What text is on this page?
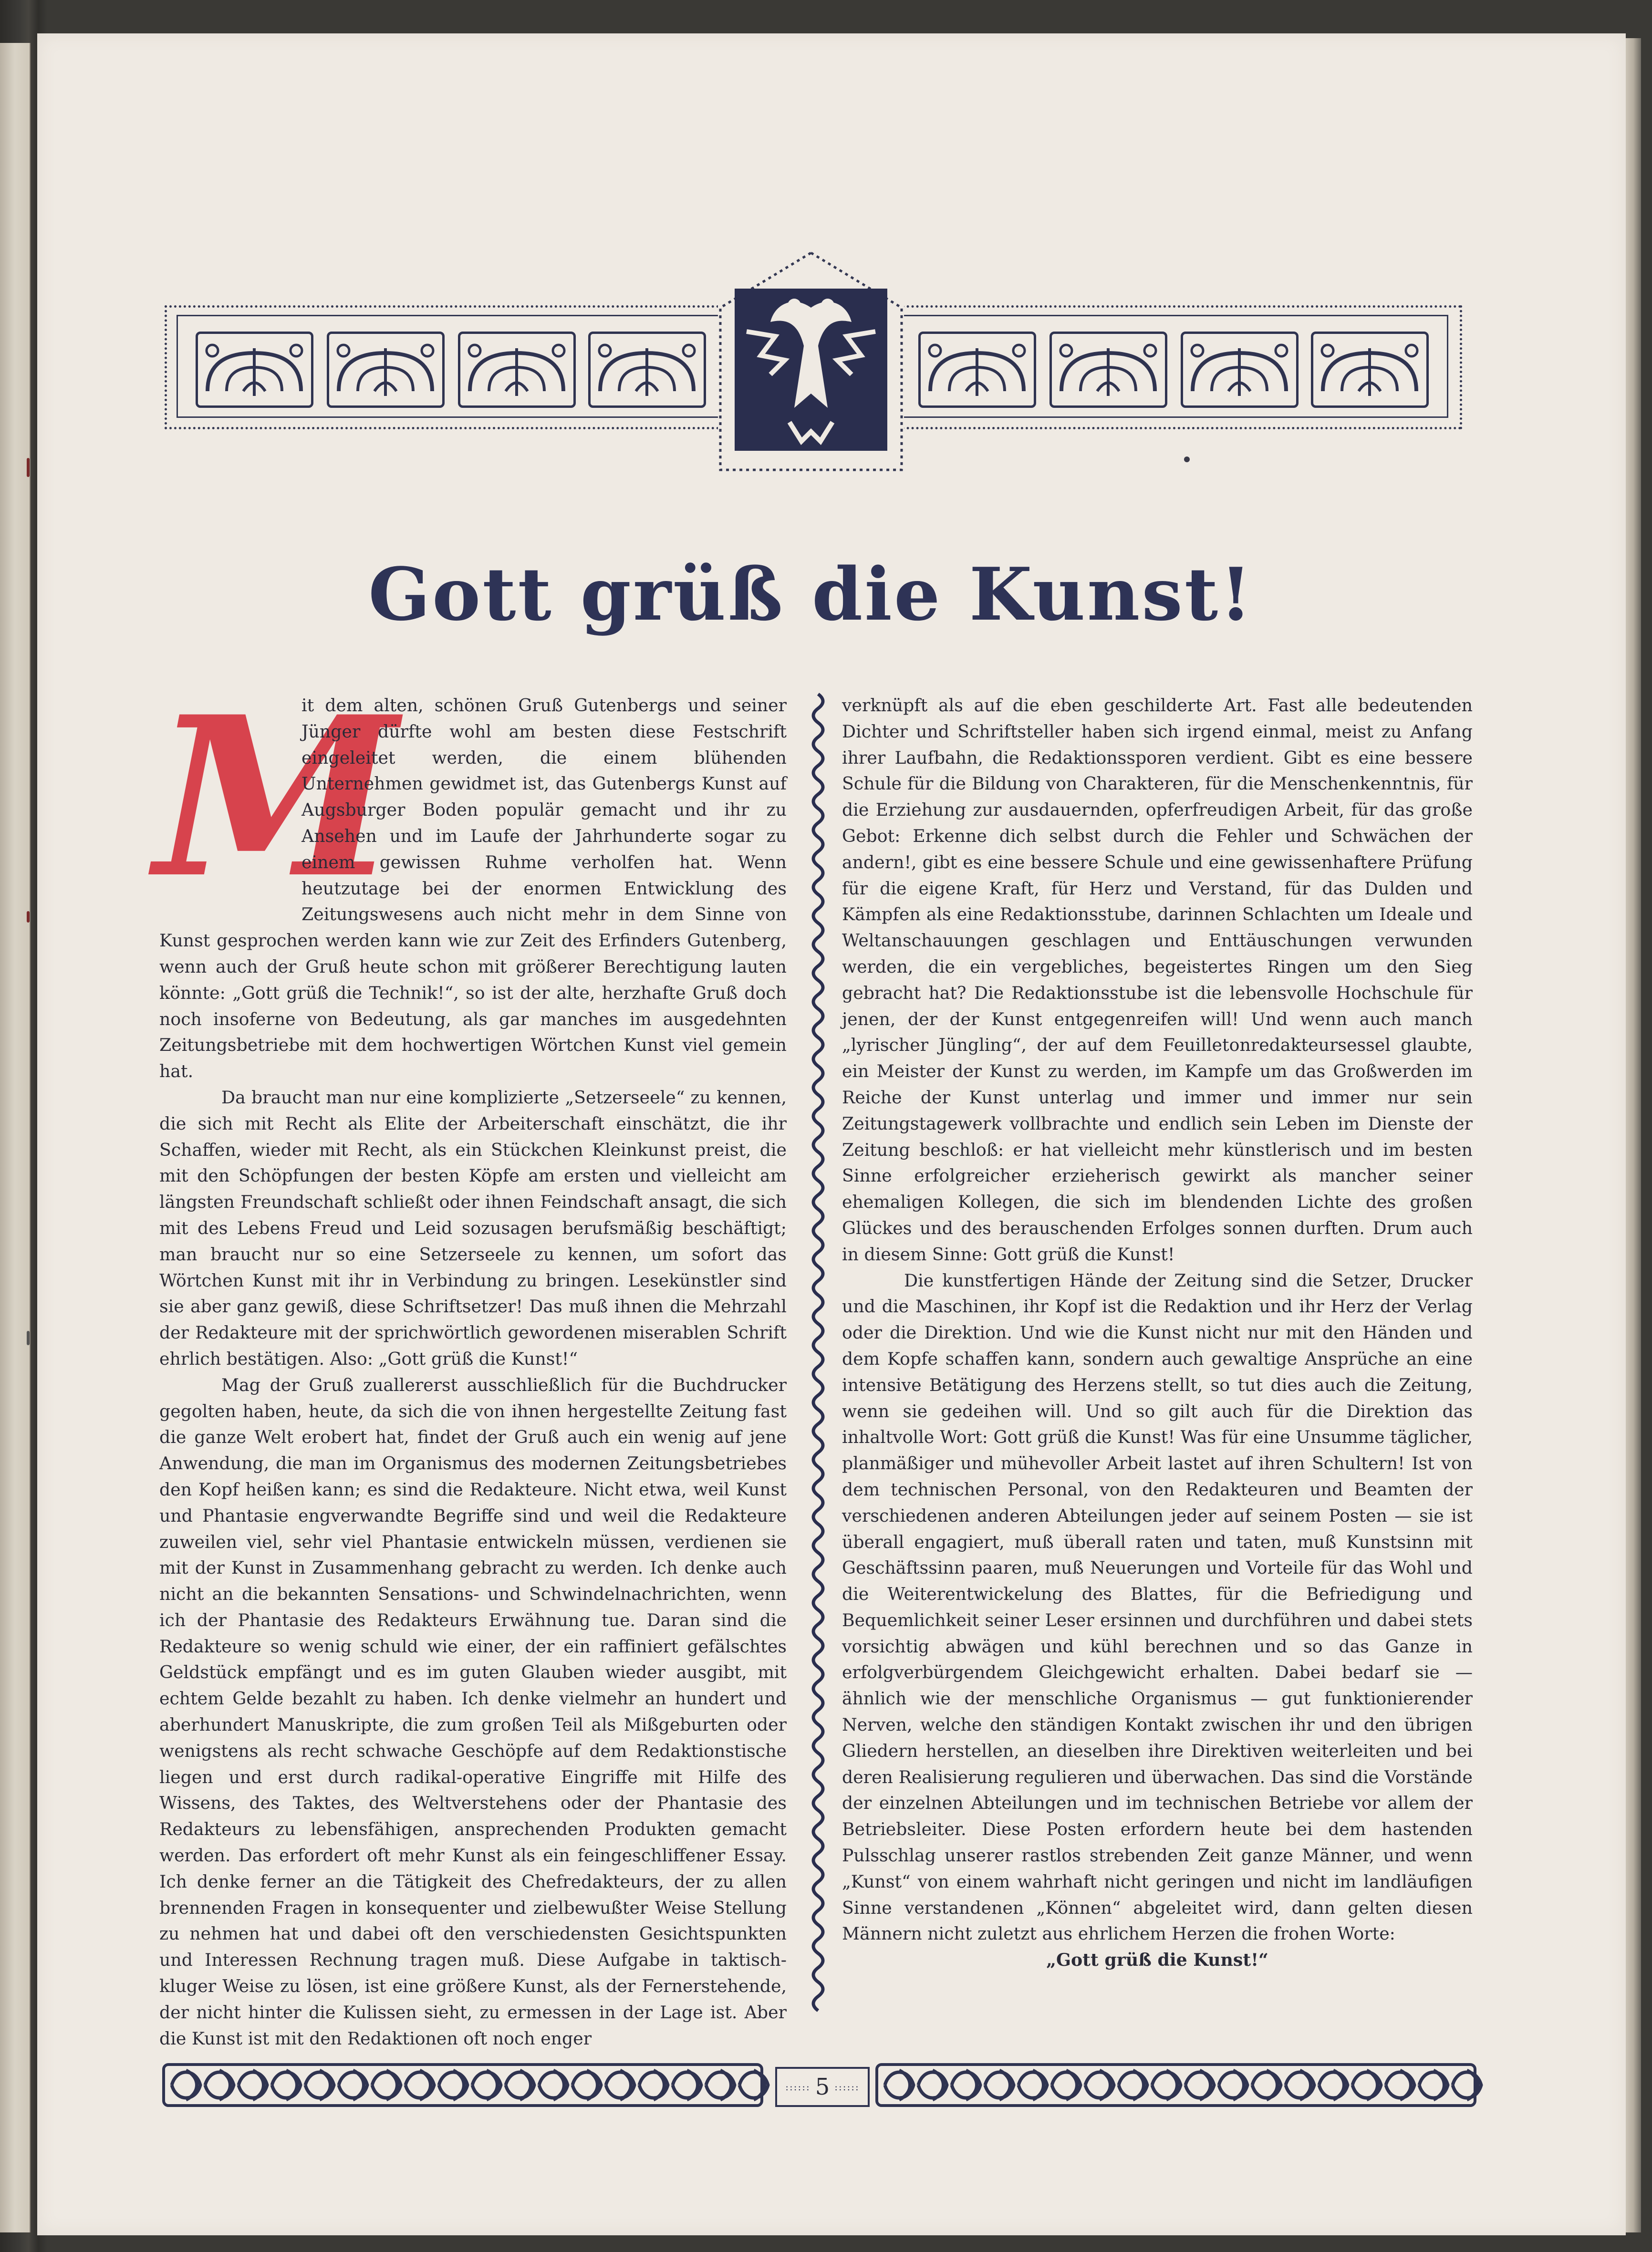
Gott grüß die Kunst!
M

it dem alten, schönen Gruß Gutenbergs und seiner Jünger dürfte wohl am besten diese Festschrift eingeleitet werden, die einem blühenden Unternehmen gewidmet ist, das Gutenbergs Kunst auf Augsburger Boden populär gemacht und ihr zu Ansehen und im Laufe der Jahrhunderte sogar zu einem gewissen Ruhme verholfen hat. Wenn heutzutage bei der enormen Entwicklung des Zeitungswesens auch nicht mehr in dem Sinne von Kunst gesprochen werden kann wie zur Zeit des Erfinders Gutenberg, wenn auch der Gruß heute schon mit größerer Berechtigung lauten könnte: „Gott grüß die Technik!“, so ist der alte, herzhafte Gruß doch noch insoferne von Bedeutung, als gar manches im ausgedehnten Zeitungsbetriebe mit dem hochwertigen Wörtchen Kunst viel gemein hat.

Da braucht man nur eine komplizierte „Setzerseele“ zu kennen, die sich mit Recht als Elite der Arbeiterschaft einschätzt, die ihr Schaffen, wieder mit Recht, als ein Stückchen Kleinkunst preist, die mit den Schöpfungen der besten Köpfe am ersten und vielleicht am längsten Freundschaft schließt oder ihnen Feindschaft ansagt, die sich mit des Lebens Freud und Leid sozusagen berufsmäßig beschäftigt; man braucht nur so eine Setzerseele zu kennen, um sofort das Wörtchen Kunst mit ihr in Verbindung zu bringen. Lesekünstler sind sie aber ganz gewiß, diese Schriftsetzer! Das muß ihnen die Mehrzahl der Redakteure mit der sprichwörtlich gewordenen miserablen Schrift ehrlich bestätigen. Also: „Gott grüß die Kunst!“

Mag der Gruß zuallererst ausschließlich für die Buchdrucker gegolten haben, heute, da sich die von ihnen hergestellte Zeitung fast die ganze Welt erobert hat, findet der Gruß auch ein wenig auf jene Anwendung, die man im Organismus des modernen Zeitungsbetriebes den Kopf heißen kann; es sind die Redakteure. Nicht etwa, weil Kunst und Phantasie engverwandte Begriffe sind und weil die Redakteure zuweilen viel, sehr viel Phantasie entwickeln müssen, verdienen sie mit der Kunst in Zusammenhang gebracht zu werden. Ich denke auch nicht an die bekannten Sensations- und Schwindelnachrichten, wenn ich der Phantasie des Redakteurs Erwähnung tue. Daran sind die Redakteure so wenig schuld wie einer, der ein raffiniert gefälschtes Geldstück empfängt und es im guten Glauben wieder ausgibt, mit echtem Gelde bezahlt zu haben. Ich denke vielmehr an hundert und aberhundert Manuskripte, die zum großen Teil als Mißgeburten oder wenigstens als recht schwache Geschöpfe auf dem Redaktionstische liegen und erst durch radikal-operative Eingriffe mit Hilfe des Wissens, des Taktes, des Weltverstehens oder der Phantasie des Redakteurs zu lebensfähigen, ansprechenden Produkten gemacht werden. Das erfordert oft mehr Kunst als ein feingeschliffener Essay. Ich denke ferner an die Tätigkeit des Chefredakteurs, der zu allen brennenden Fragen in konsequenter und zielbewußter Weise Stellung zu nehmen hat und dabei oft den verschiedensten Gesichtspunkten und Interessen Rechnung tragen muß. Diese Aufgabe in taktisch-kluger Weise zu lösen, ist eine größere Kunst, als der Fernerstehende, der nicht hinter die Kulissen sieht, zu ermessen in der Lage ist. Aber die Kunst ist mit den Redaktionen oft noch enger

verknüpft als auf die eben geschilderte Art. Fast alle bedeutenden Dichter und Schriftsteller haben sich irgend einmal, meist zu Anfang ihrer Laufbahn, die Redaktionssporen verdient. Gibt es eine bessere Schule für die Bildung von Charakteren, für die Menschenkenntnis, für die Erziehung zur ausdauernden, opferfreudigen Arbeit, für das große Gebot: Erkenne dich selbst durch die Fehler und Schwächen der andern!, gibt es eine bessere Schule und eine gewissenhaftere Prüfung für die eigene Kraft, für Herz und Verstand, für das Dulden und Kämpfen als eine Redaktionsstube, darinnen Schlachten um Ideale und Weltanschauungen geschlagen und Enttäuschungen verwunden werden, die ein vergebliches, begeistertes Ringen um den Sieg gebracht hat? Die Redaktionsstube ist die lebensvolle Hochschule für jenen, der der Kunst entgegenreifen will! Und wenn auch manch „lyrischer Jüngling“, der auf dem Feuilletonredakteursessel glaubte, ein Meister der Kunst zu werden, im Kampfe um das Großwerden im Reiche der Kunst unterlag und immer und immer nur sein Zeitungstagewerk vollbrachte und endlich sein Leben im Dienste der Zeitung beschloß: er hat vielleicht mehr künstlerisch und im besten Sinne erfolgreicher erzieherisch gewirkt als mancher seiner ehemaligen Kollegen, die sich im blendenden Lichte des großen Glückes und des berauschenden Erfolges sonnen durften. Drum auch in diesem Sinne: Gott grüß die Kunst!

Die kunstfertigen Hände der Zeitung sind die Setzer, Drucker und die Maschinen, ihr Kopf ist die Redaktion und ihr Herz der Verlag oder die Direktion. Und wie die Kunst nicht nur mit den Händen und dem Kopfe schaffen kann, sondern auch gewaltige Ansprüche an eine intensive Betätigung des Herzens stellt, so tut dies auch die Zeitung, wenn sie gedeihen will. Und so gilt auch für die Direktion das inhaltvolle Wort: Gott grüß die Kunst! Was für eine Unsumme täglicher, planmäßiger und mühevoller Arbeit lastet auf ihren Schultern! Ist von dem technischen Personal, von den Redakteuren und Beamten der verschiedenen anderen Abteilungen jeder auf seinem Posten — sie ist überall engagiert, muß überall raten und taten, muß Kunstsinn mit Geschäftssinn paaren, muß Neuerungen und Vorteile für das Wohl und die Weiterentwickelung des Blattes, für die Befriedigung und Bequemlichkeit seiner Leser ersinnen und durchführen und dabei stets vorsichtig abwägen und kühl berechnen und so das Ganze in erfolgverbürgendem Gleichgewicht erhalten. Dabei bedarf sie — ähnlich wie der menschliche Organismus — gut funktionierender Nerven, welche den ständigen Kontakt zwischen ihr und den übrigen Gliedern herstellen, an dieselben ihre Direktiven weiterleiten und bei deren Realisierung regulieren und überwachen. Das sind die Vorstände der einzelnen Abteilungen und im technischen Betriebe vor allem der Betriebsleiter. Diese Posten erfordern heute bei dem hastenden Pulsschlag unserer rastlos strebenden Zeit ganze Männer, und wenn „Kunst“ von einem wahrhaft nicht geringen und nicht im landläufigen Sinne verstandenen „Können“ abgeleitet wird, dann gelten diesen Männern nicht zuletzt aus ehrlichem Herzen die frohen Worte:

„Gott grüß die Kunst!“

:::::: 5 ::::::
